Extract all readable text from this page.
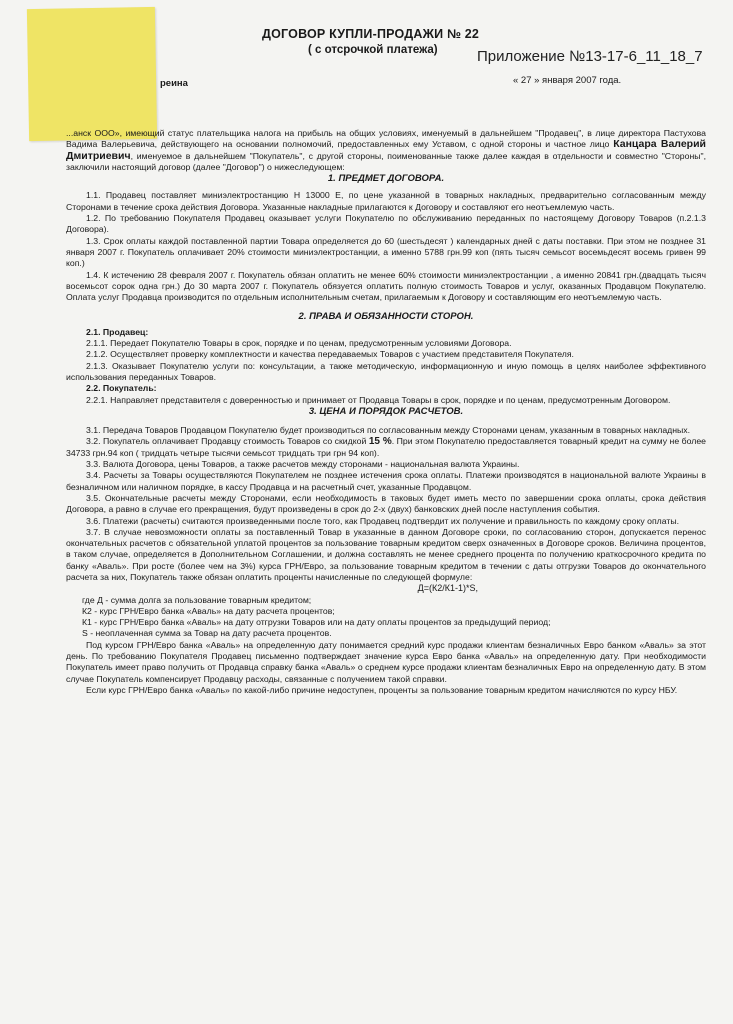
ДОГОВОР КУПЛИ-ПРОДАЖИ № 22
( с отсрочкой платежа)	Приложение №13-17-6_11_18_7
реина	« 27 » января 2007 года.

...анск ООО», имеющий статус плательщика налога на прибыль на общих условиях, именуемый в дальнейшем "Продавец", в лице директора Пастухова Вадима Валерьевича, действующего на основании полномочий, предоставленных ему Уставом, с одной стороны и частное лицо Канцара Валерий Дмитриевич, именуемое в дальнейшем "Покупатель", с другой стороны, поименованные также далее каждая в отдельности и совместно "Стороны", заключили настоящий договор (далее "Договор") о нижеследующем:

1. ПРЕДМЕТ ДОГОВОРА.

1.1. Продавец поставляет миниэлектростанцию Н 13000 Е, по цене указанной в товарных накладных, предварительно согласованным между Сторонами в течение срока действия Договора. Указанные накладные прилагаются к Договору и составляют его неотъемлемую часть.

1.2. По требованию Покупателя Продавец оказывает услуги Покупателю по обслуживанию переданных по настоящему Договору Товаров (п.2.1.3 Договора).

1.3. Срок оплаты каждой поставленной партии Товара определяется до 60 (шестьдесят ) календарных дней с даты поставки. При этом не позднее 31 января 2007 г. Покупатель оплачивает 20% стоимости миниэлектростанции, а именно 5788 грн.99 коп (пять тысяч семьсот восемьдесят восемь гривен 99 коп.)

1.4. К истечению 28 февраля 2007 г. Покупатель обязан оплатить не менее 60% стоимости миниэлектростанции , а именно 20841 грн.(двадцать тысяч восемьсот сорок одна грн.) До 30 марта 2007 г. Покупатель обязуется оплатить полную стоимость Товаров и услуг, оказанных Продавцом Покупателю. Оплата услуг Продавца производится по отдельным исполнительным счетам, прилагаемым к Договору и составляющим его неотъемлемую часть.

2. ПРАВА И ОБЯЗАННОСТИ СТОРОН.

2.1. Продавец:

2.1.1. Передает Покупателю Товары в срок, порядке и по ценам, предусмотренным условиями Договора.

2.1.2. Осуществляет проверку комплектности и качества передаваемых Товаров с участием представителя Покупателя.

2.1.3. Оказывает Покупателю услуги по: консультации, а также методическую, информационную и иную помощь в целях наиболее эффективного использования переданных Товаров.

2.2. Покупатель:

2.2.1. Направляет представителя с доверенностью и принимает от Продавца Товары в срок, порядке и по ценам, предусмотренным Договором.

3. ЦЕНА И ПОРЯДОК РАСЧЕТОВ.

3.1. Передача Товаров Продавцом Покупателю будет производиться по согласованным между Сторонами ценам, указанным в товарных накладных.

3.2. Покупатель оплачивает Продавцу стоимость Товаров со скидкой 15 %. При этом Покупателю предоставляется товарный кредит на сумму не более 34733 грн.94 коп ( тридцать четыре тысячи семьсот тридцать три грн 94 коп).

3.3. Валюта Договора, цены Товаров, а также расчетов между сторонами - национальная валюта Украины.

3.4. Расчеты за Товары осуществляются Покупателем не позднее истечения срока оплаты. Платежи производятся в национальной валюте Украины в безналичном или наличном порядке, в кассу Продавца и на расчетный счет, указанные Продавцом.

3.5. Окончательные расчеты между Сторонами, если необходимость в таковых будет иметь место по завершении срока оплаты, срока действия Договора, а равно в случае его прекращения, будут произведены в срок до 2-х (двух) банковских дней после наступления события.

3.6. Платежи (расчеты) считаются произведенными после того, как Продавец подтвердит их получение и правильность по каждому сроку оплаты.

3.7. В случае невозможности оплаты за поставленный Товар в указанные в данном Договоре сроки, по согласованию сторон, допускается перенос окончательных расчетов с обязательной уплатой процентов за пользование товарным кредитом сверх означенных в Договоре сроков. Величина процентов, в таком случае, определяется в Дополнительном Соглашении, и должна составлять не менее среднего процента по получению краткосрочного кредита по банку «Аваль». При росте (более чем на 3%) курса ГРН/Евро, за пользование товарным кредитом в течении с даты отгрузки Товаров до окончательного расчета за них, Покупатель также обязан оплатить проценты начисленные по следующей формуле:

Д=(К2/К1-1)*S,

где Д - сумма долга за пользование товарным кредитом;
К2 - курс ГРН/Евро банка «Аваль» на дату расчета процентов;
К1 - курс ГРН/Евро банка «Аваль» на дату отгрузки Товаров или на дату оплаты процентов за предыдущий период;
S - неоплаченная сумма за Товар на дату расчета процентов.

Под курсом ГРН/Евро банка «Аваль» на определенную дату понимается средний курс продажи клиентам безналичных Евро банком «Аваль» за этот день. По требованию Покупателя Продавец письменно подтверждает значение курса Евро банка «Аваль» на определенную дату. При необходимости Покупатель имеет право получить от Продавца справку банка «Аваль» о среднем курсе продажи клиентам безналичных Евро на определенную дату. В этом случае Покупатель компенсирует Продавцу расходы, связанные с получением такой справки.

Если курс ГРН/Евро банка «Аваль» по какой-либо причине недоступен, проценты за пользование товарным кредитом начисляются по курсу НБУ.
